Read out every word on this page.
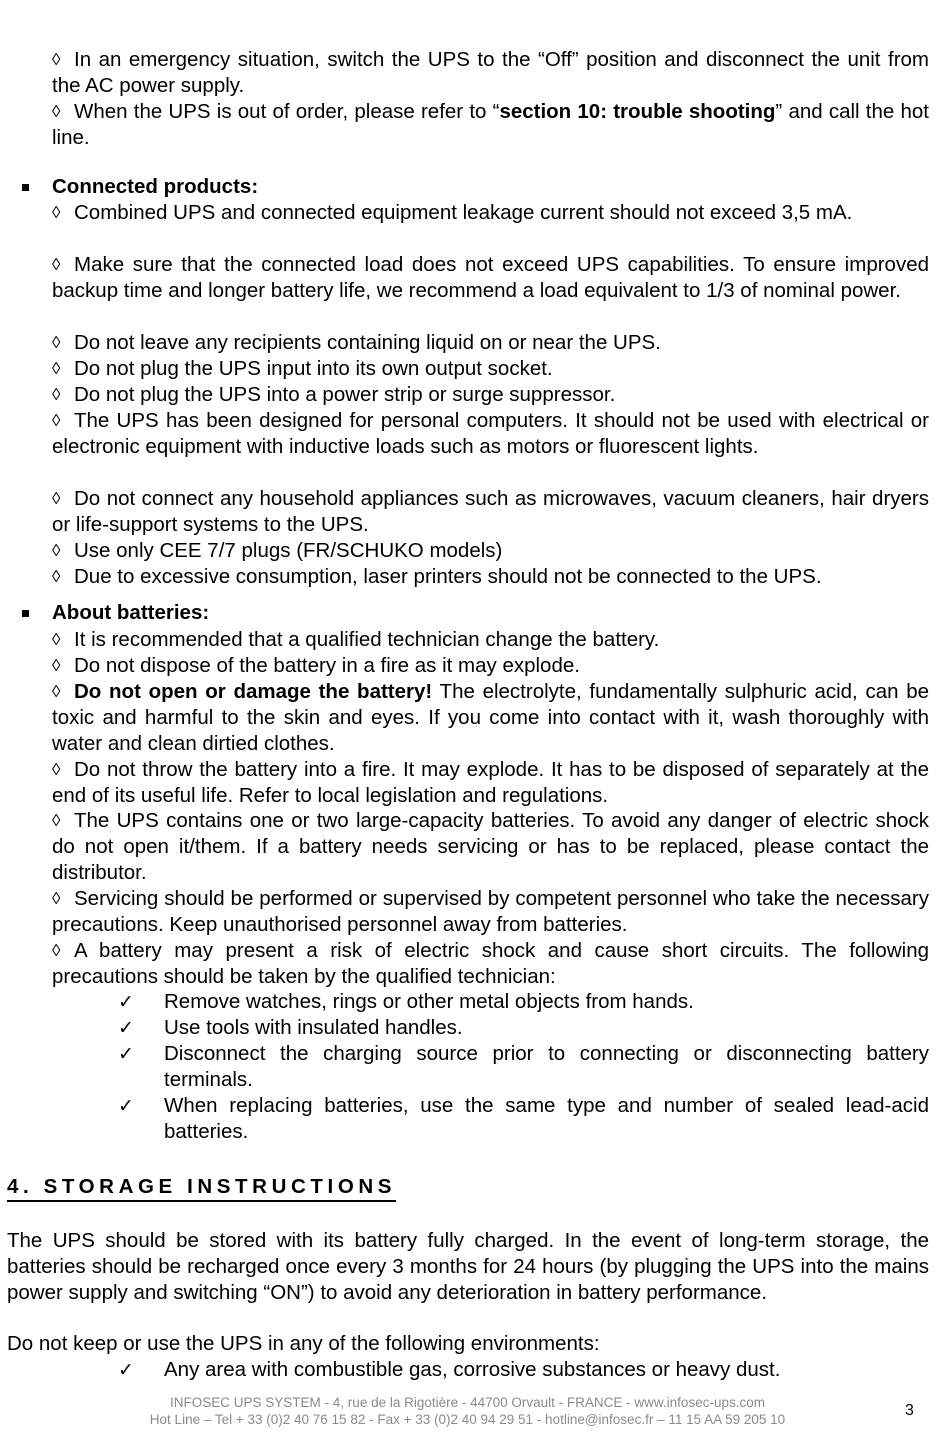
◊ In an emergency situation, switch the UPS to the “Off” position and disconnect the unit from the AC power supply.

◊ When the UPS is out of order, please refer to “section 10: trouble shooting” and call the hot line.

Connected products:

◊ Combined UPS and connected equipment leakage current should not exceed 3,5 mA.

◊ Make sure that the connected load does not exceed UPS capabilities. To ensure improved backup time and longer battery life, we recommend a load equivalent to 1/3 of nominal power.

◊ Do not leave any recipients containing liquid on or near the UPS.

◊ Do not plug the UPS input into its own output socket.

◊ Do not plug the UPS into a power strip or surge suppressor.

◊ The UPS has been designed for personal computers. It should not be used with electrical or electronic equipment with inductive loads such as motors or fluorescent lights.

◊ Do not connect any household appliances such as microwaves, vacuum cleaners, hair dryers or life-support systems to the UPS.

◊ Use only CEE 7/7 plugs (FR/SCHUKO models)

◊ Due to excessive consumption, laser printers should not be connected to the UPS.

About batteries:

◊ It is recommended that a qualified technician change the battery.

◊ Do not dispose of the battery in a fire as it may explode.

◊ Do not open or damage the battery! The electrolyte, fundamentally sulphuric acid, can be toxic and harmful to the skin and eyes. If you come into contact with it, wash thoroughly with water and clean dirtied clothes.

◊ Do not throw the battery into a fire. It may explode. It has to be disposed of separately at the end of its useful life. Refer to local legislation and regulations.

◊ The UPS contains one or two large-capacity batteries. To avoid any danger of electric shock do not open it/them. If a battery needs servicing or has to be replaced, please contact the distributor.

◊ Servicing should be performed or supervised by competent personnel who take the necessary precautions. Keep unauthorised personnel away from batteries.

◊ A battery may present a risk of electric shock and cause short circuits. The following precautions should be taken by the qualified technician:

✓ Remove watches, rings or other metal objects from hands.

✓ Use tools with insulated handles.

✓ Disconnect the charging source prior to connecting or disconnecting battery terminals.

✓ When replacing batteries, use the same type and number of sealed lead-acid batteries.

4. STORAGE INSTRUCTIONS

The UPS should be stored with its battery fully charged. In the event of long-term storage, the batteries should be recharged once every 3 months for 24 hours (by plugging the UPS into the mains power supply and switching “ON”) to avoid any deterioration in battery performance.

Do not keep or use the UPS in any of the following environments:

✓ Any area with combustible gas, corrosive substances or heavy dust.

INFOSEC UPS SYSTEM - 4, rue de la Rigotière - 44700 Orvault - FRANCE - www.infosec-ups.com
Hot Line – Tel + 33 (0)2 40 76 15 82 - Fax + 33 (0)2 40 94 29 51 - hotline@infosec.fr – 11 15 AA 59 205 10
3
